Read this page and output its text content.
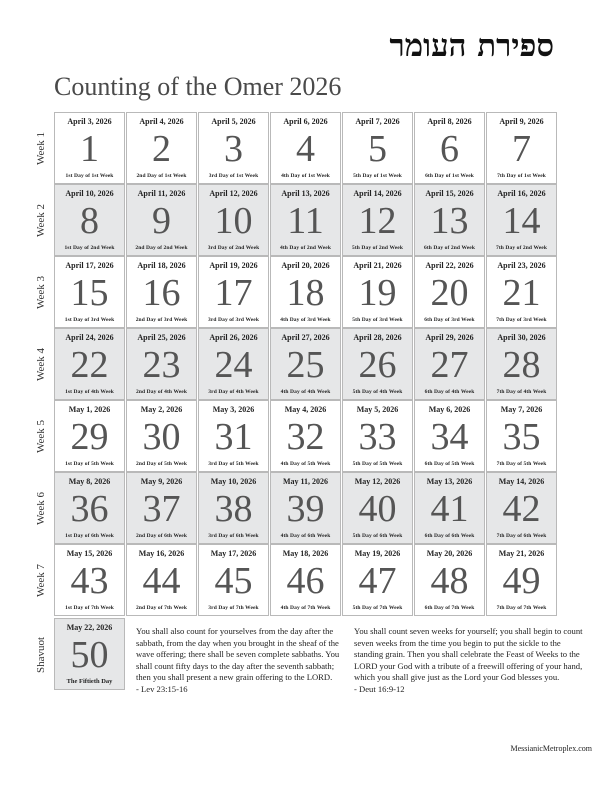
ספירת העומר
Counting of the Omer 2026
Week 1
April 3, 2026
1
1st Day of 1st Week
April 4, 2026
2
2nd Day of 1st Week
April 5, 2026
3
3rd Day of 1st Week
April 6, 2026
4
4th Day of 1st Week
April 7, 2026
5
5th Day of 1st Week
April 8, 2026
6
6th Day of 1st Week
April 9, 2026
7
7th Day of 1st Week
Week 2
April 10, 2026
8
1st Day of 2nd Week
April 11, 2026
9
2nd Day of 2nd Week
April 12, 2026
10
3rd Day of 2nd Week
April 13, 2026
11
4th Day of 2nd Week
April 14, 2026
12
5th Day of 2nd Week
April 15, 2026
13
6th Day of 2nd Week
April 16, 2026
14
7th Day of 2nd Week
Week 3
April 17, 2026
15
1st Day of 3rd Week
April 18, 2026
16
2nd Day of 3rd Week
April 19, 2026
17
3rd Day of 3rd Week
April 20, 2026
18
4th Day of 3rd Week
April 21, 2026
19
5th Day of 3rd Week
April 22, 2026
20
6th Day of 3rd Week
April 23, 2026
21
7th Day of 3rd Week
Week 4
April 24, 2026
22
1st Day of 4th Week
April 25, 2026
23
2nd Day of 4th Week
April 26, 2026
24
3rd Day of 4th Week
April 27, 2026
25
4th Day of 4th Week
April 28, 2026
26
5th Day of 4th Week
April 29, 2026
27
6th Day of 4th Week
April 30, 2026
28
7th Day of 4th Week
Week 5
May 1, 2026
29
1st Day of 5th Week
May 2, 2026
30
2nd Day of 5th Week
May 3, 2026
31
3rd Day of 5th Week
May 4, 2026
32
4th Day of 5th Week
May 5, 2026
33
5th Day of 5th Week
May 6, 2026
34
6th Day of 5th Week
May 7, 2026
35
7th Day of 5th Week
Week 6
May 8, 2026
36
1st Day of 6th Week
May 9, 2026
37
2nd Day of 6th Week
May 10, 2026
38
3rd Day of 6th Week
May 11, 2026
39
4th Day of 6th Week
May 12, 2026
40
5th Day of 6th Week
May 13, 2026
41
6th Day of 6th Week
May 14, 2026
42
7th Day of 6th Week
Week 7
May 15, 2026
43
1st Day of 7th Week
May 16, 2026
44
2nd Day of 7th Week
May 17, 2026
45
3rd Day of 7th Week
May 18, 2026
46
4th Day of 7th Week
May 19, 2026
47
5th Day of 7th Week
May 20, 2026
48
6th Day of 7th Week
May 21, 2026
49
7th Day of 7th Week
Shavuot
May 22, 2026
50
The Fiftieth Day
You shall also count for yourselves from the day after the sabbath, from the day when you brought in the sheaf of the wave offering; there shall be seven complete sabbaths. You shall count fifty days to the day after the seventh sabbath; then you shall present a new grain offering to the LORD.
- Lev 23:15-16
You shall count seven weeks for yourself; you shall begin to count seven weeks from the time you begin to put the sickle to the standing grain. Then you shall celebrate the Feast of Weeks to the LORD your God with a tribute of a freewill offering of your hand, which you shall give just as the Lord your God blesses you.
- Deut 16:9-12
MessianicMetroplex.com
